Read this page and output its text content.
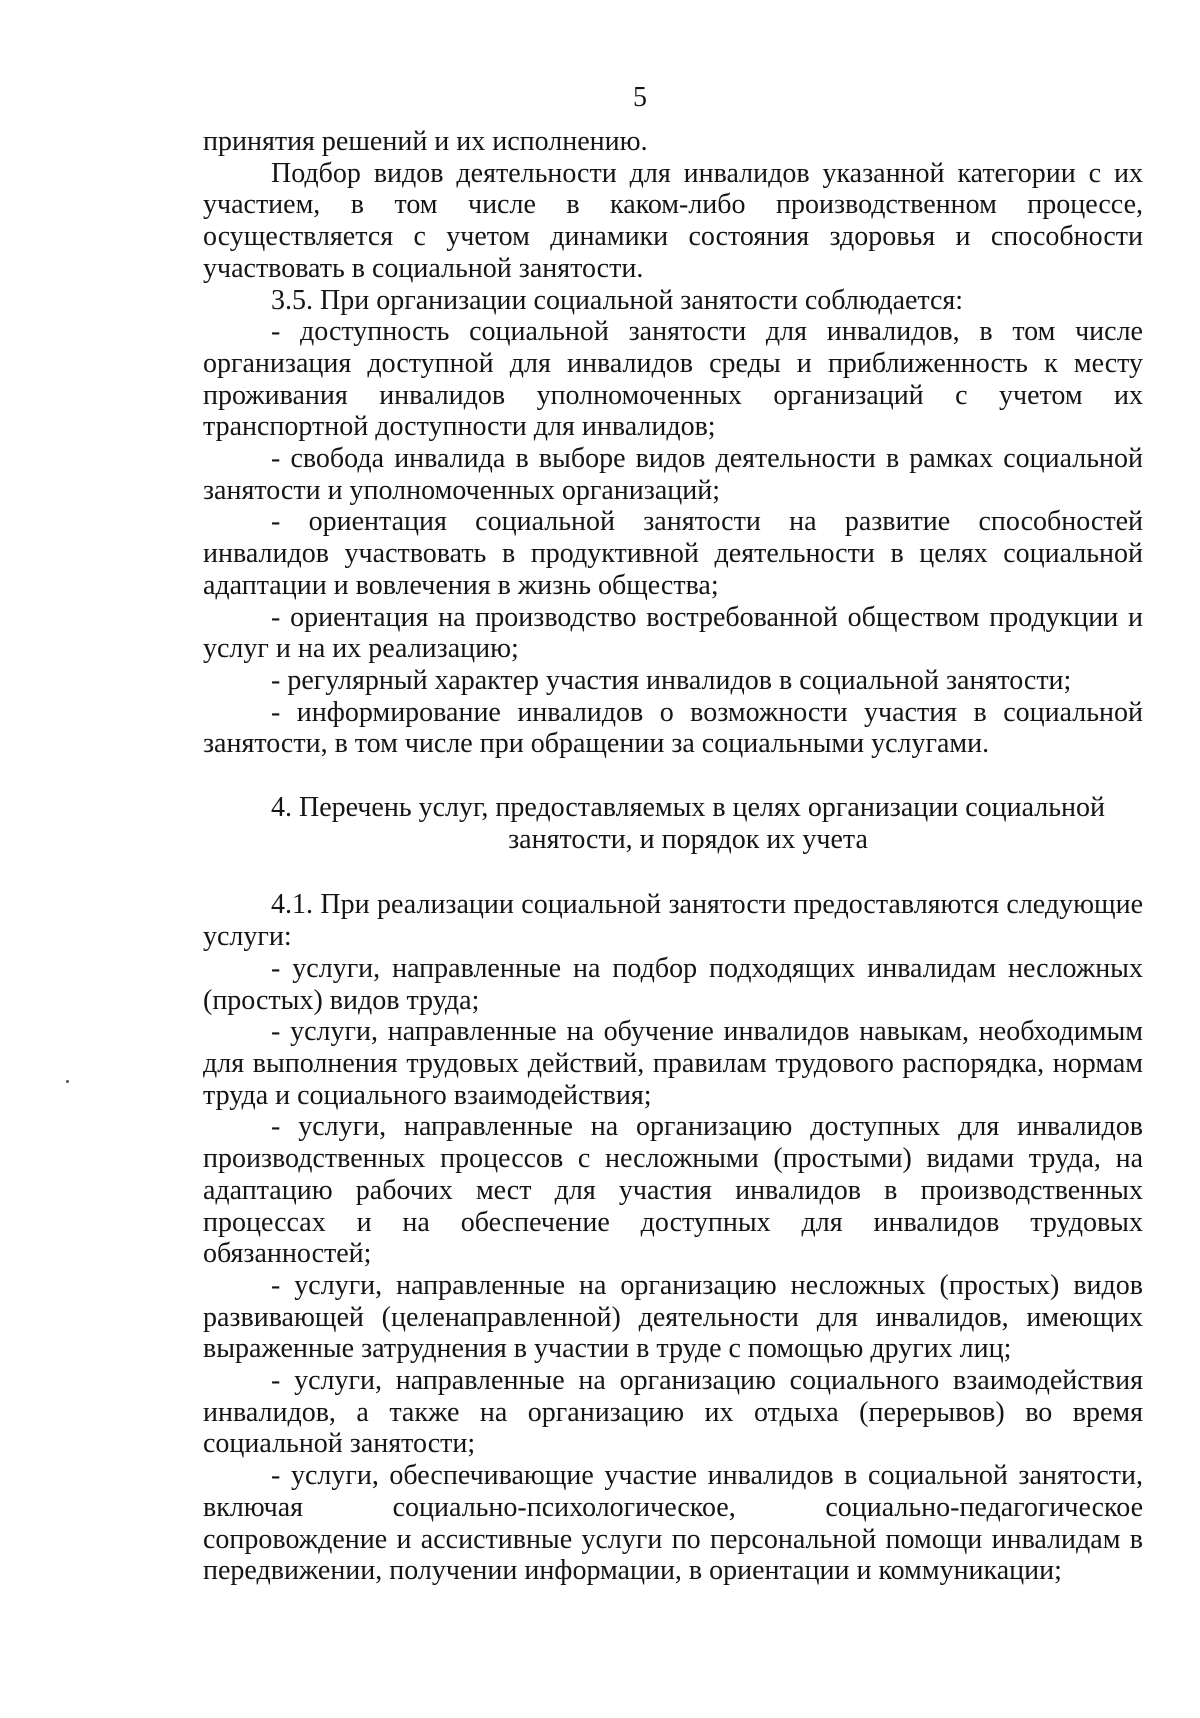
5

принятия решений и их исполнению.

Подбор видов деятельности для инвалидов указанной категории с их участием, в том числе в каком-либо производственном процессе, осуществляется с учетом динамики состояния здоровья и способности участвовать в социальной занятости.

3.5. При организации социальной занятости соблюдается:

- доступность социальной занятости для инвалидов, в том числе организация доступной для инвалидов среды и приближенность к месту проживания инвалидов уполномоченных организаций с учетом их транспортной доступности для инвалидов;

- свобода инвалида в выборе видов деятельности в рамках социальной занятости и уполномоченных организаций;

- ориентация социальной занятости на развитие способностей инвалидов участвовать в продуктивной деятельности в целях социальной адаптации и вовлечения в жизнь общества;

- ориентация на производство востребованной обществом продукции и услуг и на их реализацию;

- регулярный характер участия инвалидов в социальной занятости;

- информирование инвалидов о возможности участия в социальной занятости, в том числе при обращении за социальными услугами.

4. Перечень услуг, предоставляемых в целях организации социальной
занятости, и порядок их учета

4.1. При реализации социальной занятости предоставляются следующие услуги:

- услуги, направленные на подбор подходящих инвалидам несложных (простых) видов труда;

- услуги, направленные на обучение инвалидов навыкам, необходимым для выполнения трудовых действий, правилам трудового распорядка, нормам труда и социального взаимодействия;

- услуги, направленные на организацию доступных для инвалидов производственных процессов с несложными (простыми) видами труда, на адаптацию рабочих мест для участия инвалидов в производственных процессах и на обеспечение доступных для инвалидов трудовых обязанностей;

- услуги, направленные на организацию несложных (простых) видов развивающей (целенаправленной) деятельности для инвалидов, имеющих выраженные затруднения в участии в труде с помощью других лиц;

- услуги, направленные на организацию социального взаимодействия инвалидов, а также на организацию их отдыха (перерывов) во время социальной занятости;

- услуги, обеспечивающие участие инвалидов в социальной занятости, включая социально-психологическое, социально-педагогическое сопровождение и ассистивные услуги по персональной помощи инвалидам в передвижении, получении информации, в ориентации и коммуникации;
